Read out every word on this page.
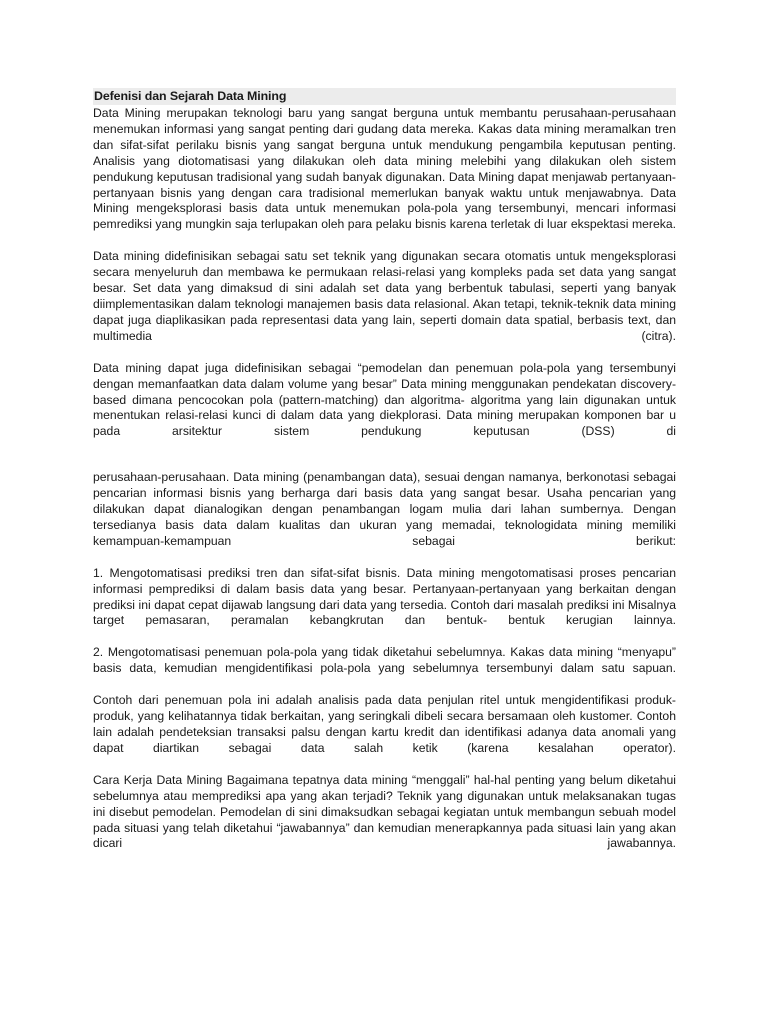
Defenisi dan Sejarah Data Mining

Data Mining merupakan teknologi baru yang sangat berguna untuk membantu perusahaan-perusahaan menemukan informasi yang sangat penting dari gudang data mereka. Kakas data mining meramalkan tren dan sifat-sifat perilaku bisnis yang sangat berguna untuk mendukung pengambila keputusan penting. Analisis yang diotomatisasi yang dilakukan oleh data mining melebihi yang dilakukan oleh sistem pendukung keputusan tradisional yang sudah banyak digunakan. Data Mining dapat menjawab pertanyaan-pertanyaan bisnis yang dengan cara tradisional memerlukan banyak waktu untuk menjawabnya. Data Mining mengeksplorasi basis data untuk menemukan pola-pola yang tersembunyi, mencari informasi pemrediksi yang mungkin saja terlupakan oleh para pelaku bisnis karena terletak di luar ekspektasi mereka.

Data mining didefinisikan sebagai satu set teknik yang digunakan secara otomatis untuk mengeksplorasi secara menyeluruh dan membawa ke permukaan relasi-relasi yang kompleks pada set data yang sangat besar. Set data yang dimaksud di sini adalah set data yang berbentuk tabulasi, seperti yang banyak diimplementasikan dalam teknologi manajemen basis data relasional. Akan tetapi, teknik-teknik data mining dapat juga diaplikasikan pada representasi data yang lain, seperti domain data spatial, berbasis text, dan multimedia (citra).

Data mining dapat juga didefinisikan sebagai “pemodelan dan penemuan pola-pola yang tersembunyi dengan memanfaatkan data dalam volume yang besar” Data mining menggunakan pendekatan discovery-based dimana pencocokan pola (pattern-matching) dan algoritma- algoritma yang lain digunakan untuk menentukan relasi-relasi kunci di dalam data yang diekplorasi. Data mining merupakan komponen bar u pada arsitektur sistem pendukung keputusan (DSS) di

perusahaan-perusahaan. Data mining (penambangan data), sesuai dengan namanya, berkonotasi sebagai pencarian informasi bisnis yang berharga dari basis data yang sangat besar. Usaha pencarian yang dilakukan dapat dianalogikan dengan penambangan logam mulia dari lahan sumbernya. Dengan tersedianya basis data dalam kualitas dan ukuran yang memadai, teknologidata mining memiliki kemampuan-kemampuan sebagai berikut:

1. Mengotomatisasi prediksi tren dan sifat-sifat bisnis. Data mining mengotomatisasi proses pencarian informasi pemprediksi di dalam basis data yang besar. Pertanyaan-pertanyaan yang berkaitan dengan prediksi ini dapat cepat dijawab langsung dari data yang tersedia. Contoh dari masalah prediksi ini Misalnya target pemasaran, peramalan kebangkrutan dan bentuk- bentuk kerugian lainnya.

2. Mengotomatisasi penemuan pola-pola yang tidak diketahui sebelumnya. Kakas data mining “menyapu” basis data, kemudian mengidentifikasi pola-pola yang sebelumnya tersembunyi dalam satu sapuan.

Contoh dari penemuan pola ini adalah analisis pada data penjulan ritel untuk mengidentifikasi produk-produk, yang kelihatannya tidak berkaitan, yang seringkali dibeli secara bersamaan oleh kustomer. Contoh lain adalah pendeteksian transaksi palsu dengan kartu kredit dan identifikasi adanya data anomali yang dapat diartikan sebagai data salah ketik (karena kesalahan operator).

Cara Kerja Data Mining Bagaimana tepatnya data mining “menggali” hal-hal penting yang belum diketahui sebelumnya atau memprediksi apa yang akan terjadi? Teknik yang digunakan untuk melaksanakan tugas ini disebut pemodelan. Pemodelan di sini dimaksudkan sebagai kegiatan untuk membangun sebuah model pada situasi yang telah diketahui “jawabannya” dan kemudian menerapkannya pada situasi lain yang akan dicari jawabannya.
